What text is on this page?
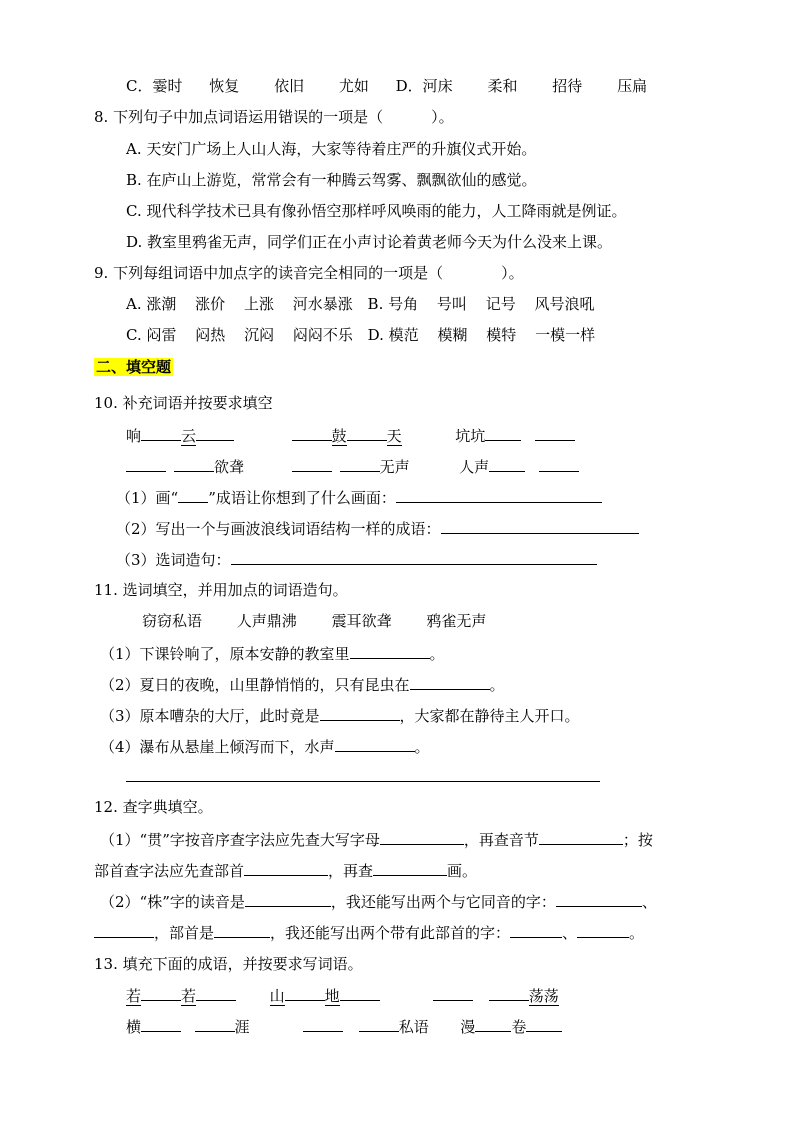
C．霎时 恢复 依旧 尤如 D．河床 柔和 招待 压扁
8. 下列句子中加点词语运用错误的一项是（	）。
A. 天安门广场上人山人海，大家等待着庄严的升旗仪式开始。
B. 在庐山上游览，常常会有一种腾云驾雾、飘飘欲仙的感觉。
C. 现代科学技术已具有像孙悟空那样呼风唤雨的能力，人工降雨就是例证。
D. 教室里鸦雀无声，同学们正在小声讨论着黄老师今天为什么没来上课。
9. 下列每组词语中加点字的读音完全相同的一项是（	）。
A. 涨潮 涨价 上涨 河水暴涨 B. 号角 号叫 记号 风号浪吼
C. 闷雷 闷热 沉闷 闷闷不乐 D. 模范 模糊 模特 一模一样
二、填空题
10. 补充词语并按要求填空
响	云	鼓	天	坑坑
欲聋	无声	人声
（1）画“ ”成语让你想到了什么画面：
（2）写出一个与画波浪线词语结构一样的成语：
（3）选词造句：
11. 选词填空，并用加点的词语造句。
窃窃私语 人声鼎沸 震耳欲聋 鸦雀无声
（1）下课铃响了，原本安静的教室里	。
（2）夏日的夜晚，山里静悄悄的，只有昆虫在	。
（3）原本嘈杂的大厅，此时竟是	，大家都在静待主人开口。
（4）瀑布从悬崖上倾泻而下，水声	。
12. 查字典填空。
（1）“贯”字按音序查字法应先查大写字母	，再查音节	；按
部首查字法应先查部首	，再查	画。
（2）“株”字的读音是	，我还能写出两个与它同音的字：	、
，部首是	，我还能写出两个带有此部首的字：	、	。
13. 填充下面的成语，并按要求写词语。
若	若	山	地	荡荡
横	涯	私语 漫 卷
